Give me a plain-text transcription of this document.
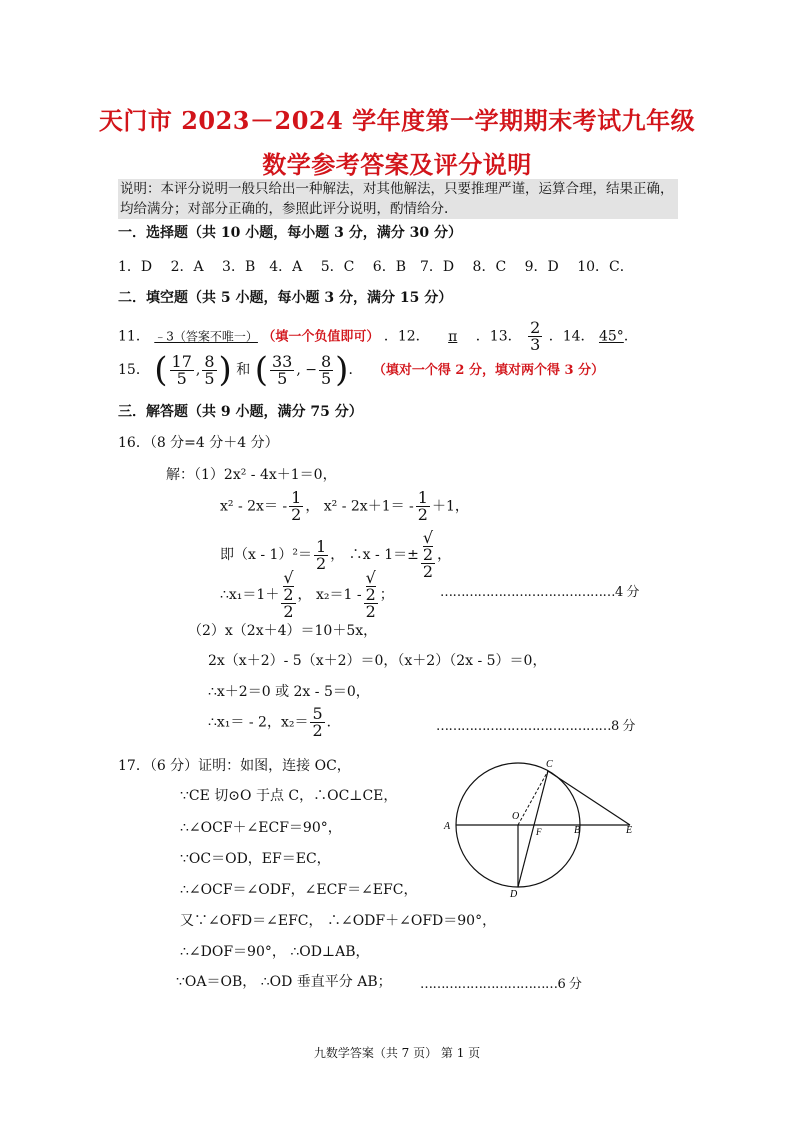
天门市 2023－2024 学年度第一学期期末考试九年级
数学参考答案及评分说明
说明：本评分说明一般只给出一种解法，对其他解法，只要推理严谨，运算合理，结果正确，均给满分；对部分正确的，参照此评分说明，酌情给分.
一．选择题（共 10 小题，每小题 3 分，满分 30 分）
1．D　 2．A　 3．B　4．A　 5．C　 6．B　7．D　 8．C　 9．D　 10．C．
二．填空题（共 5 小题，每小题 3 分，满分 15 分）
11． ﹣3（答案不唯一） （填一个负值即可） ．12． π ．13． $\frac{2}{3}$ ．14． 45°．
15． ( $\frac{17}{5}$ , $\frac{8}{5}$ ) 和 ( $\frac{33}{5}$ , − $\frac{8}{5}$ )． （填对一个得 2 分，填对两个得 3 分）
三．解答题（共 9 小题，满分 75 分）
16．（8 分=4 分＋4 分）
解：（1）2x² - 4x＋1＝0，
$x^2 - 2x= - \frac{1}{2}$ ， $x^2 - 2x+1= - \frac{1}{2} +1$，
即$(x - 1)^2= \frac{1}{2}$ ， ∴x - 1＝± √
2
2 ，
∴x₁＝1＋ √
2
2 ， x₂＝1 - √
2
2 ；	……………………………………4 分
（2）x（2x＋4）＝10＋5x，
2x（x＋2）- 5（x＋2）＝0，（x＋2）（2x - 5）＝0，
∴x＋2＝0 或 2x - 5＝0，
∴x₁＝ - 2，$x_2= \frac{5}{2}$ ．	……………………………………8 分
17．（6 分）证明：如图，连接 OC，
∵CE 切⊙O 于点 C，∴OC⊥CE，
∴∠OCF＋∠ECF＝90°，
∵OC＝OD，EF＝EC，
∴∠OCF＝∠ODF，∠ECF＝∠EFC，
又∵∠OFD＝∠EFC， ∴∠ODF＋∠OFD＝90°，
∴∠DOF＝90°， ∴OD⊥AB，
∵OA＝OB， ∴OD 垂直平分 AB； ……………………………6 分
A
O
F	B	E
C
D
九数学答案（共 7 页） 第 1 页
